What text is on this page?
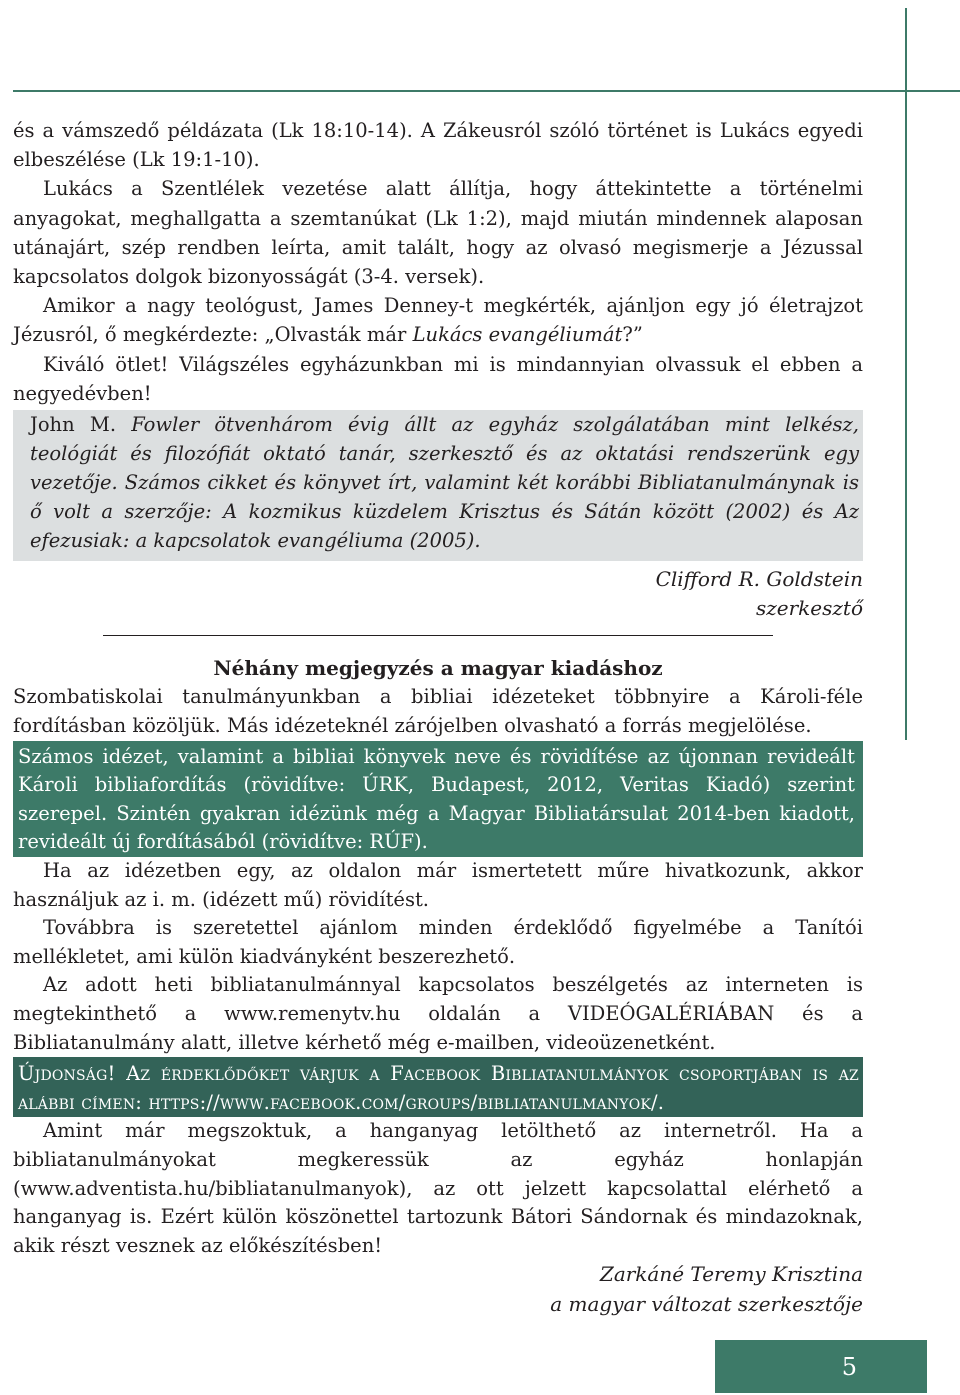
és a vámszedő példázata (Lk 18:10-14). A Zákeusról szóló történet is Lukács egyedi elbeszélése (Lk 19:1-10).

Lukács a Szentlélek vezetése alatt állítja, hogy áttekintette a történelmi anyagokat, meghallgatta a szemtanúkat (Lk 1:2), majd miután mindennek alaposan utánajárt, szép rendben leírta, amit talált, hogy az olvasó megismerje a Jézussal kapcsolatos dolgok bizonyosságát (3-4. versek).

Amikor a nagy teológust, James Denney-t megkérték, ajánljon egy jó életrajzot Jézusról, ő megkérdezte: „Olvasták már Lukács evangéliumát?”

Kiváló ötlet! Világszéles egyházunkban mi is mindannyian olvassuk el ebben a negyedévben!

John M. Fowler ötvenhárom évig állt az egyház szolgálatában mint lelkész, teológiát és filozófiát oktató tanár, szerkesztő és az oktatási rendszerünk egy vezetője. Számos cikket és könyvet írt, valamint két korábbi Bibliatanulmánynak is ő volt a szerzője: A kozmikus küzdelem Krisztus és Sátán között (2002) és Az efezusiak: a kapcsolatok evangéliuma (2005).
Clifford R. Goldstein
szerkesztő
Néhány megjegyzés a magyar kiadáshoz

Szombatiskolai tanulmányunkban a bibliai idézeteket többnyire a Károli-féle fordításban közöljük. Más idézeteknél zárójelben olvasható a forrás megjelölése.

Számos idézet, valamint a bibliai könyvek neve és rövidítése az újonnan revideált Károli bibliafordítás (rövidítve: ÚRK, Budapest, 2012, Veritas Kiadó) szerint szerepel. Szintén gyakran idézünk még a Magyar Bibliatársulat 2014-ben kiadott, revideált új fordításából (rövidítve: RÚF).

Ha az idézetben egy, az oldalon már ismertetett műre hivatkozunk, akkor használjuk az i. m. (idézett mű) rövidítést.

Továbbra is szeretettel ajánlom minden érdeklődő figyelmébe a Tanítói mellékletet, ami külön kiadványként beszerezhető.

Az adott heti bibliatanulmánnyal kapcsolatos beszélgetés az interneten is megtekinthető a www.remenytv.hu oldalán a VIDEÓGALÉRIÁBAN és a Bibliatanulmány alatt, illetve kérhető még e-mailben, videoüzenetként.

Újdonság! Az érdeklődőket várjuk a Facebook Bibliatanulmányok csoportjában is az alábbi címen: https://www.facebook.com/groups/bibliatanulmanyok/.

Amint már megszoktuk, a hanganyag letölthető az internetről. Ha a bibliatanulmányokat megkeressük az egyház honlapján (www.adventista.hu/bibliatanulmanyok), az ott jelzett kapcsolattal elérhető a hanganyag is. Ezért külön köszönettel tartozunk Bátori Sándornak és mindazoknak, akik részt vesznek az előkészítésben!

Zarkáné Teremy Krisztina
a magyar változat szerkesztője
5
